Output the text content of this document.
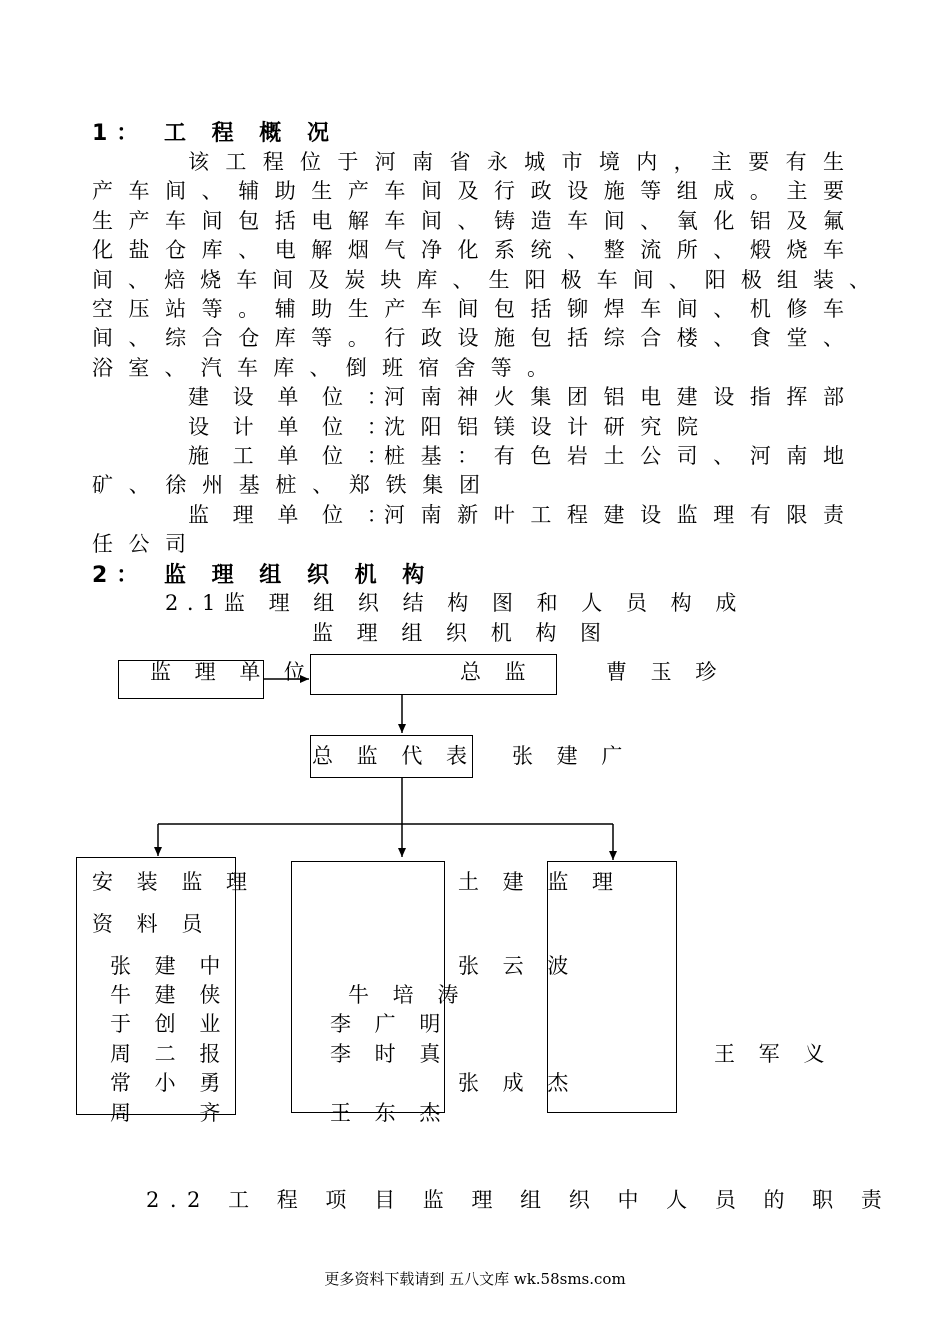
1： 工 程 概 况
该 工 程 位 于 河 南 省 永 城 市 境 内 ， 主 要 有 生
产 车 间 、 辅 助 生 产 车 间 及 行 政 设 施 等 组 成 。 主 要
生 产 车 间 包 括 电 解 车 间 、 铸 造 车 间 、 氧 化 铝 及 氟
化 盐 仓 库 、 电 解 烟 气 净 化 系 统 、 整 流 所 、 煅 烧 车
间 、 焙 烧 车 间 及 炭 块 库 、 生 阳 极 车 间 、 阳 极 组 装 、
空 压 站 等 。 辅 助 生 产 车 间 包 括 铆 焊 车 间 、 机 修 车
间 、 综 合 仓 库 等 。 行 政 设 施 包 括 综 合 楼 、 食 堂 、
浴 室 、 汽 车 库 、 倒 班 宿 舍 等 。
建 设 单 位 ：
河 南 神 火 集 团 铝 电 建 设 指 挥 部
设 计 单 位 ：
沈 阳 铝 镁 设 计 研 究 院
施 工 单 位 ：
桩 基 ： 有 色 岩 土 公 司 、 河 南 地
矿 、 徐 州 基 桩 、 郑 铁 集 团
监 理 单 位 ：
河 南 新 叶 工 程 建 设 监 理 有 限 责
任 公 司
2： 监 理 组 织 机 构
2.1监 理 组 织 结 构 图 和 人 员 构 成
监 理 组 织 机 构 图
监 理 单 位	总 监	曹 玉 珍
总 监 代 表 张 建 广
安 装 监 理
资 料 员
张 建 中
牛 建 侠
于 创 业
周 二 报
常 小 勇
周 　 齐
牛 培 涛
李 广 明
李 时 真
王 东 杰
土 建 监 理
张 云 波
张 成 杰
王 军 义
2.2 工 程 项 目 监 理 组 织 中 人 员 的 职 责
更多资料下载请到 五八文库 wk.58sms.com
